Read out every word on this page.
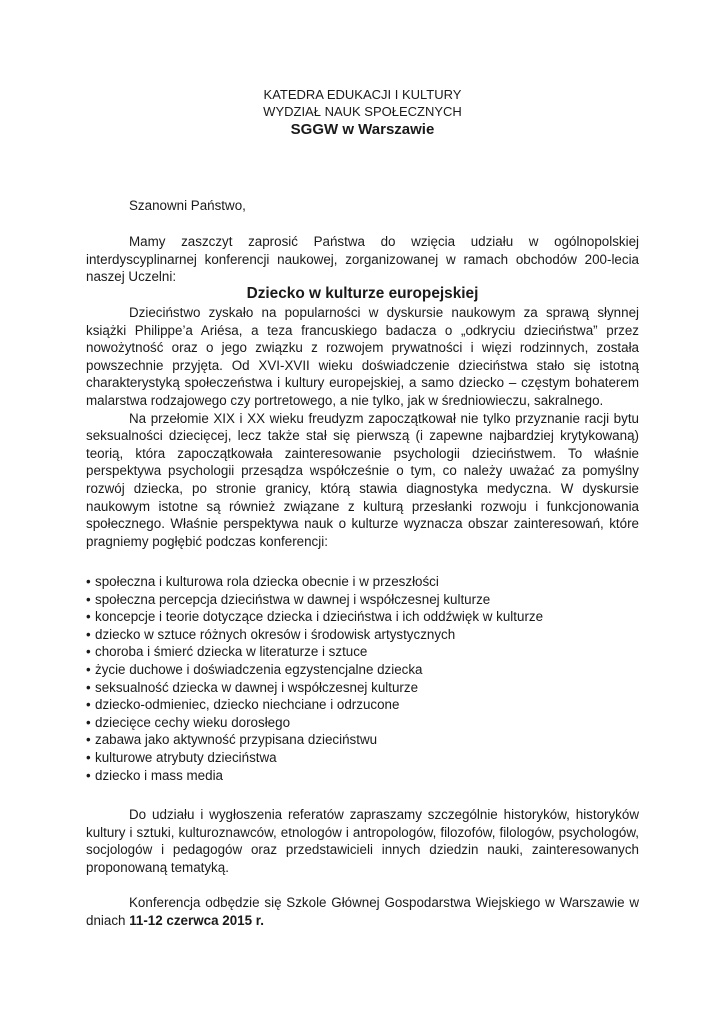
KATEDRA EDUKACJI I KULTURY
WYDZIAŁ NAUK SPOŁECZNYCH
SGGW w Warszawie
Szanowni Państwo,

Mamy zaszczyt zaprosić Państwa do wzięcia udziału w ogólnopolskiej interdyscyplinarnej konferencji naukowej, zorganizowanej w ramach obchodów 200-lecia naszej Uczelni:

Dziecko w kulturze europejskiej

Dzieciństwo zyskało na popularności w dyskursie naukowym za sprawą słynnej książki Philippe’a Ariésa, a teza francuskiego badacza o „odkryciu dzieciństwa” przez nowożytność oraz o jego związku z rozwojem prywatności i więzi rodzinnych, została powszechnie przyjęta. Od XVI-XVII wieku doświadczenie dzieciństwa stało się istotną charakterystyką społeczeństwa i kultury europejskiej, a samo dziecko – częstym bohaterem malarstwa rodzajowego czy portretowego, a nie tylko, jak w średniowieczu, sakralnego.

Na przełomie XIX i XX wieku freudyzm zapoczątkował nie tylko przyznanie racji bytu seksualności dziecięcej, lecz także stał się pierwszą (i zapewne najbardziej krytykowaną) teorią, która zapoczątkowała zainteresowanie psychologii dzieciństwem. To właśnie perspektywa psychologii przesądza współcześnie o tym, co należy uważać za pomyślny rozwój dziecka, po stronie granicy, którą stawia diagnostyka medyczna. W dyskursie naukowym istotne są również związane z kulturą przesłanki rozwoju i funkcjonowania społecznego. Właśnie perspektywa nauk o kulturze wyznacza obszar zainteresowań, które pragniemy pogłębić podczas konferencji:

• społeczna i kulturowa rola dziecka obecnie i w przeszłości
• społeczna percepcja dzieciństwa w dawnej i współczesnej kulturze
• koncepcje i teorie dotyczące dziecka i dzieciństwa i ich oddźwięk w kulturze
• dziecko w sztuce różnych okresów i środowisk artystycznych
• choroba i śmierć dziecka w literaturze i sztuce
• życie duchowe i doświadczenia egzystencjalne dziecka
• seksualność dziecka w dawnej i współczesnej kulturze
• dziecko-odmieniec, dziecko niechciane i odrzucone
• dziecięce cechy wieku dorosłego
• zabawa jako aktywność przypisana dzieciństwu
• kulturowe atrybuty dzieciństwa
• dziecko i mass media

Do udziału i wygłoszenia referatów zapraszamy szczególnie historyków, historyków kultury i sztuki, kulturoznawców, etnologów i antropologów, filozofów, filologów, psychologów, socjologów i pedagogów oraz przedstawicieli innych dziedzin nauki, zainteresowanych proponowaną tematyką.

Konferencja odbędzie się Szkole Głównej Gospodarstwa Wiejskiego w Warszawie w dniach 11-12 czerwca 2015 r.
